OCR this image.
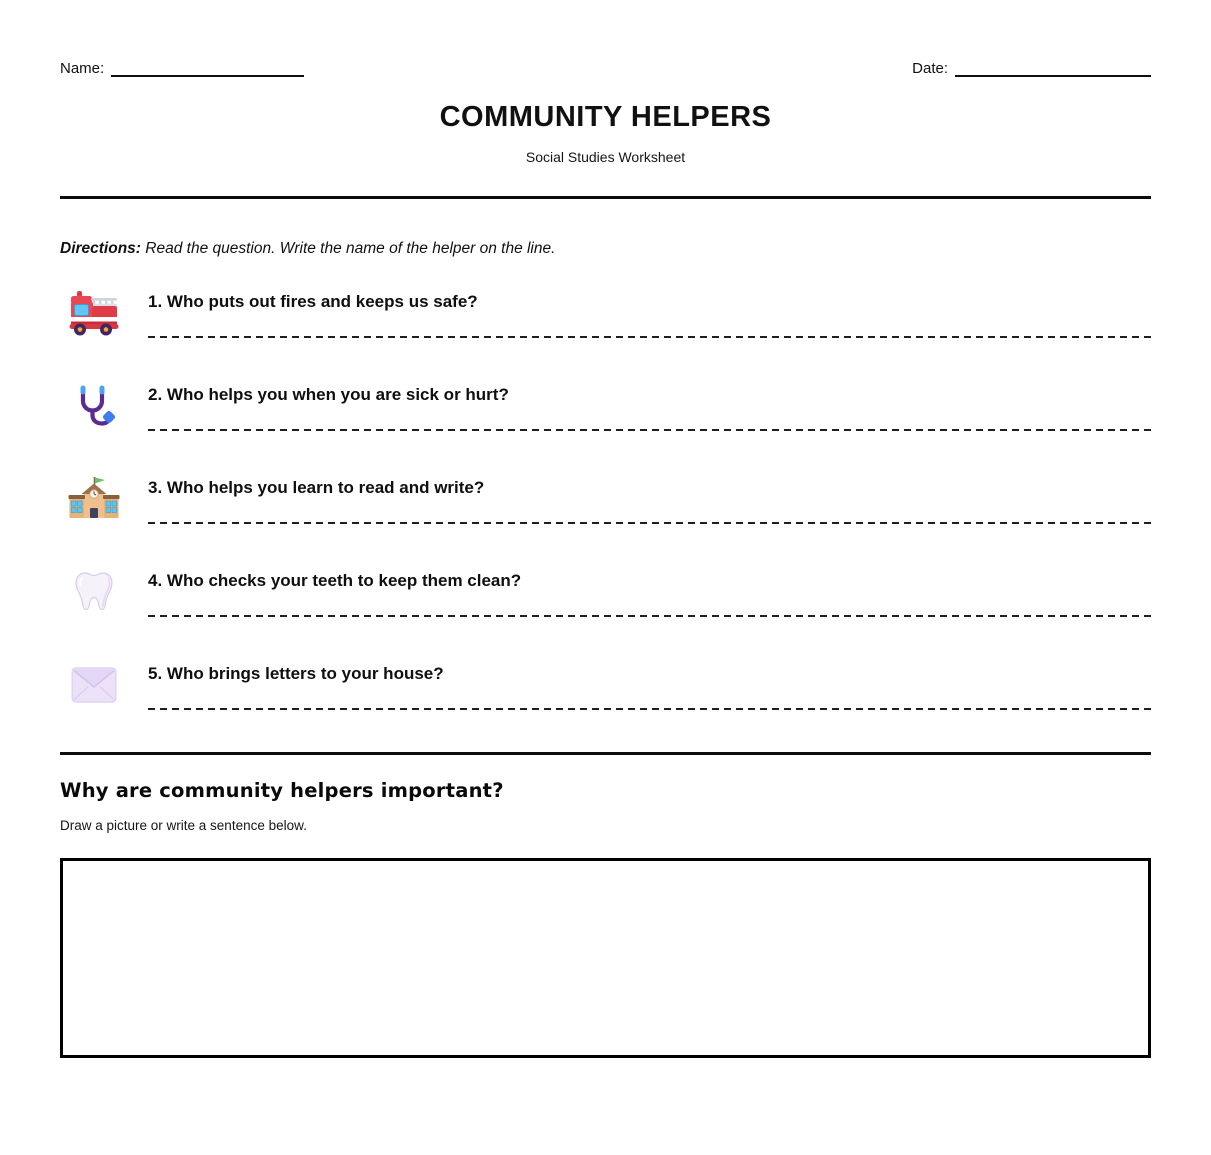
Name:	Date:
COMMUNITY HELPERS
Social Studies Worksheet
Directions: Read the question. Write the name of the helper on the line.
1. Who puts out fires and keeps us safe?
2. Who helps you when you are sick or hurt?
3. Who helps you learn to read and write?
4. Who checks your teeth to keep them clean?
5. Who brings letters to your house?
Why are community helpers important?
Draw a picture or write a sentence below.
